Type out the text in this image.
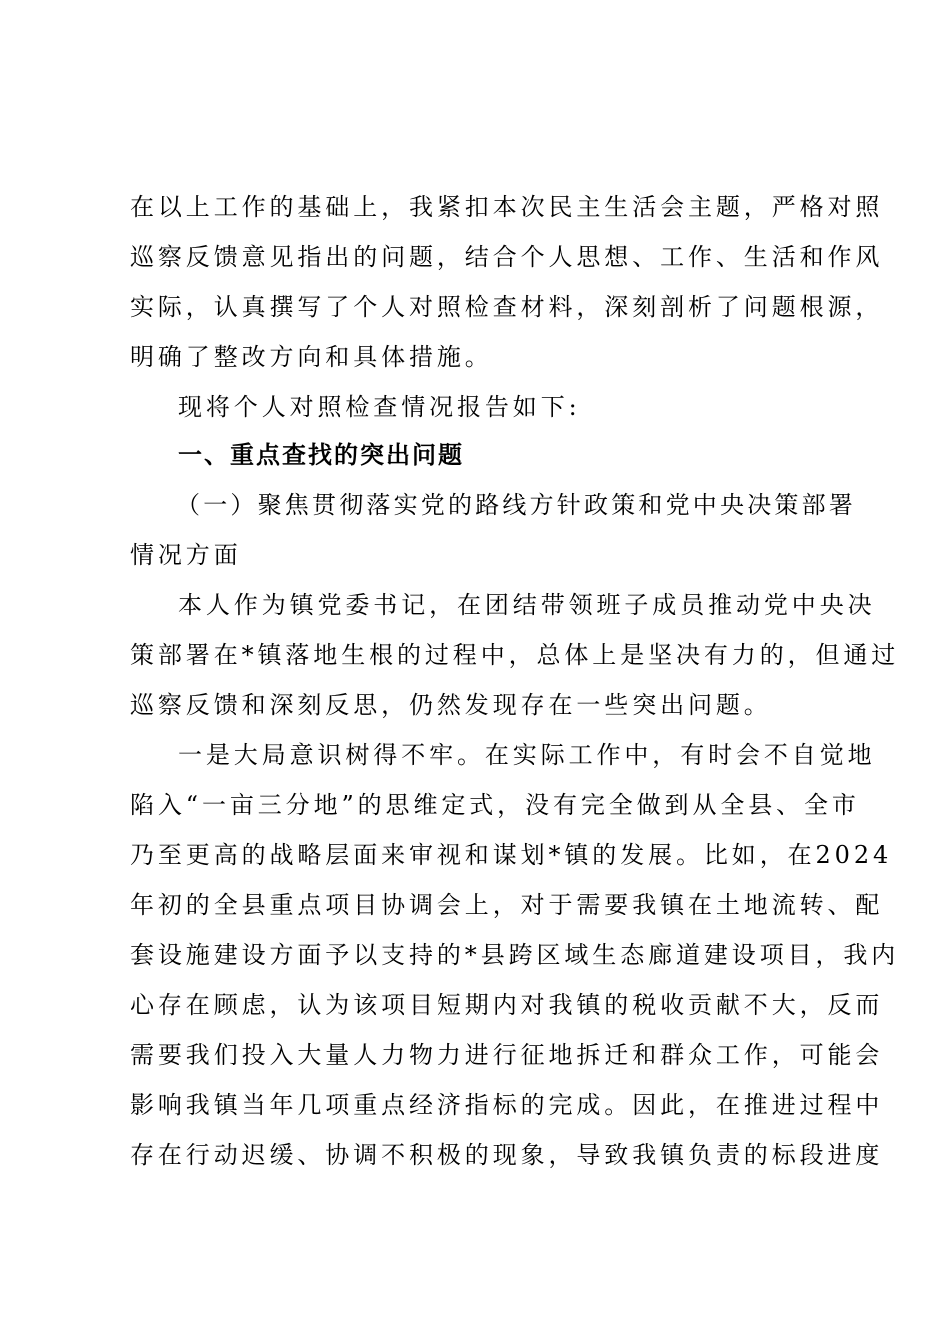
在以上工作的基础上，我紧扣本次民主生活会主题，严格对照
巡察反馈意见指出的问题，结合个人思想、工作、生活和作风
实际，认真撰写了个人对照检查材料，深刻剖析了问题根源，
明确了整改方向和具体措施。
现将个人对照检查情况报告如下:
一、重点查找的突出问题
（一）聚焦贯彻落实党的路线方针政策和党中央决策部署
情况方面
本人作为镇党委书记，在团结带领班子成员推动党中央决
策部署在*镇落地生根的过程中，总体上是坚决有力的，但通过
巡察反馈和深刻反思，仍然发现存在一些突出问题。
一是大局意识树得不牢。在实际工作中，有时会不自觉地
陷入“一亩三分地”的思维定式，没有完全做到从全县、全市
乃至更高的战略层面来审视和谋划*镇的发展。比如，在2024
年初的全县重点项目协调会上，对于需要我镇在土地流转、配
套设施建设方面予以支持的*县跨区域生态廊道建设项目，我内
心存在顾虑，认为该项目短期内对我镇的税收贡献不大，反而
需要我们投入大量人力物力进行征地拆迁和群众工作，可能会
影响我镇当年几项重点经济指标的完成。因此，在推进过程中
存在行动迟缓、协调不积极的现象，导致我镇负责的标段进度
